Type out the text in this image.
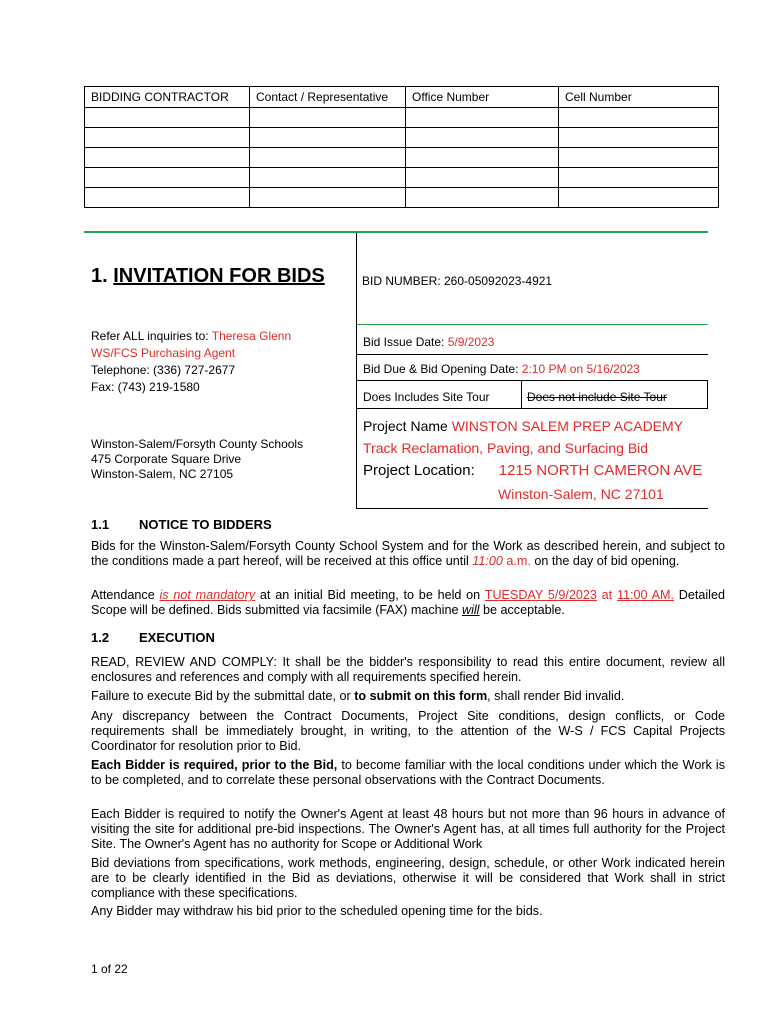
BIDDING CONTRACTOR	Contact / Representative	Office Number	Cell Number

1. INVITATION FOR BIDS	BID NUMBER: 260-05092023-4921
Refer ALL inquiries to: Theresa Glenn
WS/FCS Purchasing Agent
Telephone: (336) 727-2677
Fax: (743) 219-1580
Winston-Salem/Forsyth County Schools
475 Corporate Square Drive
Winston-Salem, NC 27105
Bid Issue Date: 5/9/2023
Bid Due & Bid Opening Date: 2:10 PM on 5/16/2023
Does Includes Site Tour	Does not include Site Tour
Project Name WINSTON SALEM PREP ACADEMY
Track Reclamation, Paving, and Surfacing Bid
Project Location: 1215 NORTH CAMERON AVE
Winston-Salem, NC 27101
1.1 NOTICE TO BIDDERS
Bids for the Winston-Salem/Forsyth County School System and for the Work as described herein, and subject to the conditions made a part hereof, will be received at this office until 11:00 a.m. on the day of bid opening.
Attendance is not mandatory at an initial Bid meeting, to be held on TUESDAY 5/9/2023 at 11:00 AM. Detailed Scope will be defined. Bids submitted via facsimile (FAX) machine will be acceptable.
1.2 EXECUTION
READ, REVIEW AND COMPLY: It shall be the bidder's responsibility to read this entire document, review all enclosures and references and comply with all requirements specified herein.
Failure to execute Bid by the submittal date, or to submit on this form, shall render Bid invalid.
Any discrepancy between the Contract Documents, Project Site conditions, design conflicts, or Code requirements shall be immediately brought, in writing, to the attention of the W-S / FCS Capital Projects Coordinator for resolution prior to Bid.
Each Bidder is required, prior to the Bid, to become familiar with the local conditions under which the Work is to be completed, and to correlate these personal observations with the Contract Documents.
Each Bidder is required to notify the Owner's Agent at least 48 hours but not more than 96 hours in advance of visiting the site for additional pre-bid inspections. The Owner's Agent has, at all times full authority for the Project Site. The Owner's Agent has no authority for Scope or Additional Work
Bid deviations from specifications, work methods, engineering, design, schedule, or other Work indicated herein are to be clearly identified in the Bid as deviations, otherwise it will be considered that Work shall in strict compliance with these specifications.
Any Bidder may withdraw his bid prior to the scheduled opening time for the bids.
1 of 22
